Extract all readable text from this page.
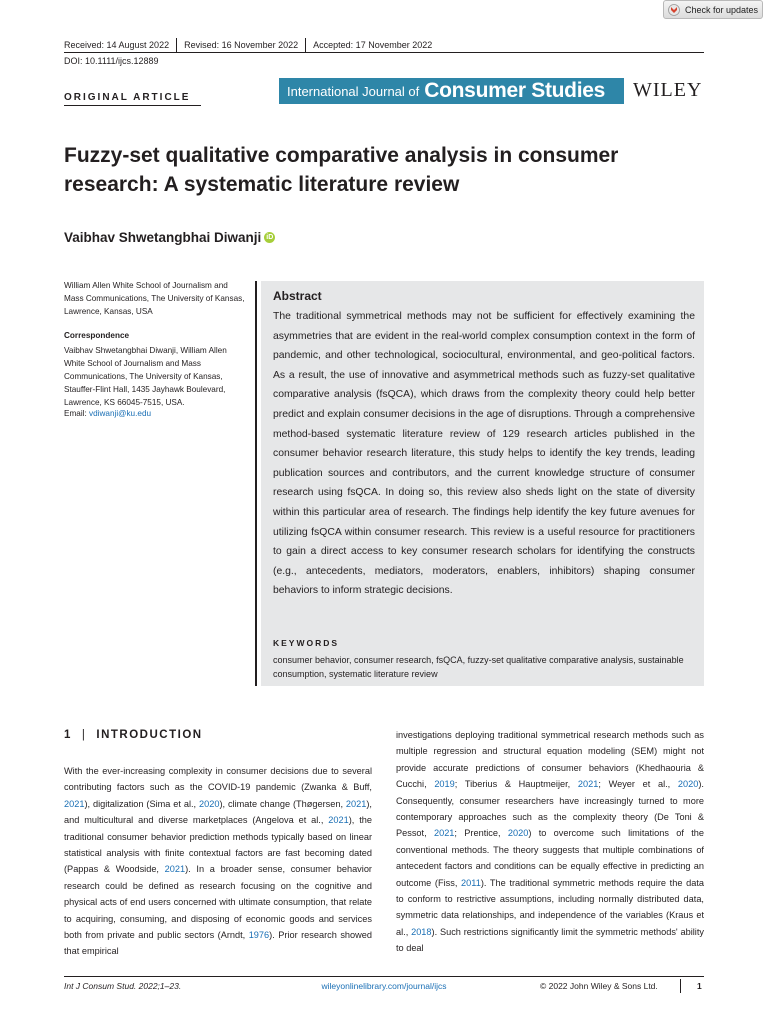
Check for updates
Received: 14 August 2022 Revised: 16 November 2022 Accepted: 17 November 2022
DOI: 10.1111/ijcs.12889
ORIGINAL ARTICLE	International Journal of Consumer Studies WILEY
Fuzzy-set qualitative comparative analysis in consumer research: A systematic literature review
Vaibhav Shwetangbhai Diwanji iD
William Allen White School of Journalism and Mass Communications, The University of Kansas, Lawrence, Kansas, USA
Correspondence
Vaibhav Shwetangbhai Diwanji, William Allen White School of Journalism and Mass Communications, The University of Kansas, Stauffer-Flint Hall, 1435 Jayhawk Boulevard, Lawrence, KS 66045-7515, USA.
Email: vdiwanji@ku.edu
Abstract
The traditional symmetrical methods may not be sufficient for effectively examining the asymmetries that are evident in the real-world complex consumption context in the form of pandemic, and other technological, sociocultural, environmental, and geo-political factors. As a result, the use of innovative and asymmetrical methods such as fuzzy-set qualitative comparative analysis (fsQCA), which draws from the complexity theory could help better predict and explain consumer decisions in the age of disruptions. Through a comprehensive method-based systematic literature review of 129 research articles published in the consumer behavior research literature, this study helps to identify the key trends, leading publication sources and contributors, and the current knowledge structure of consumer research using fsQCA. In doing so, this review also sheds light on the state of diversity within this particular area of research. The findings help identify the key future avenues for utilizing fsQCA within consumer research. This review is a useful resource for practitioners to gain a direct access to key consumer research scholars for identifying the constructs (e.g., antecedents, mediators, moderators, enablers, inhibitors) shaping consumer behaviors to inform strategic decisions.
KEYWORDS
consumer behavior, consumer research, fsQCA, fuzzy-set qualitative comparative analysis, sustainable consumption, systematic literature review
1 | INTRODUCTION
With the ever-increasing complexity in consumer decisions due to several contributing factors such as the COVID-19 pandemic (Zwanka & Buff, 2021), digitalization (Sima et al., 2020), climate change (Thøgersen, 2021), and multicultural and diverse marketplaces (Angelova et al., 2021), the traditional consumer behavior prediction methods typically based on linear statistical analysis with finite contextual factors are fast becoming dated (Pappas & Woodside, 2021). In a broader sense, consumer behavior research could be defined as research focusing on the cognitive and physical acts of end users concerned with ultimate consumption, that relate to acquiring, consuming, and disposing of economic goods and services both from private and public sectors (Arndt, 1976). Prior research showed that empirical
investigations deploying traditional symmetrical research methods such as multiple regression and structural equation modeling (SEM) might not provide accurate predictions of consumer behaviors (Khedhaouria & Cucchi, 2019; Tiberius & Hauptmeijer, 2021; Weyer et al., 2020). Consequently, consumer researchers have increasingly turned to more contemporary approaches such as the complexity theory (De Toni & Pessot, 2021; Prentice, 2020) to overcome such limitations of the conventional methods. The theory suggests that multiple combinations of antecedent factors and conditions can be equally effective in predicting an outcome (Fiss, 2011). The traditional symmetric methods require the data to conform to restrictive assumptions, including normally distributed data, symmetric data relationships, and independence of the variables (Kraus et al., 2018). Such restrictions significantly limit the symmetric methods' ability to deal
Int J Consum Stud. 2022;1–23.	wileyonlinelibrary.com/journal/ijcs	© 2022 John Wiley & Sons Ltd.	1
